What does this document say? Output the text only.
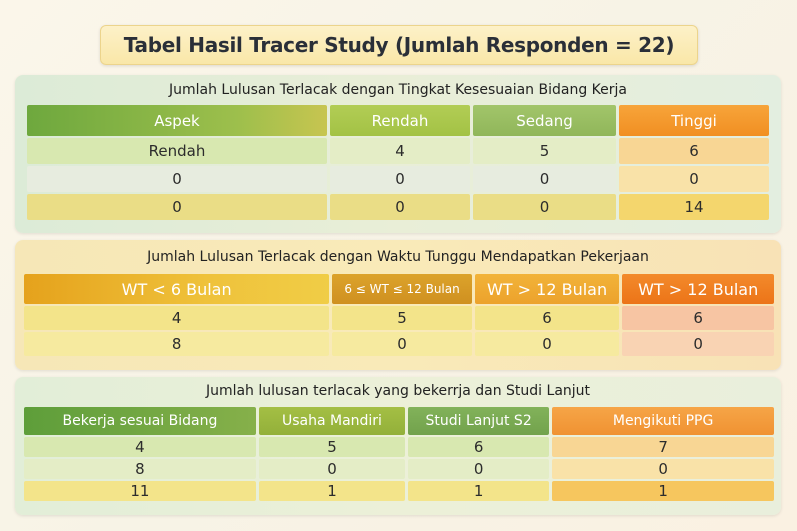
Tabel Hasil Tracer Study (Jumlah Responden = 22)
Jumlah Lulusan Terlacak dengan Tingkat Kesesuaian Bidang Kerja
Aspek	Rendah	Sedang	Tinggi
Rendah	4	5	6
0	0	0	0
0	0	0	14
Jumlah Lulusan Terlacak dengan Waktu Tunggu Mendapatkan Pekerjaan
WT < 6 Bulan	6 ≤ WT ≤ 12 Bulan	WT > 12 Bulan	WT > 12 Bulan
4	5	6	6
8	0	0	0
Jumlah lulusan terlacak yang bekerrja dan Studi Lanjut
Bekerja sesuai Bidang	Usaha Mandiri	Studi Lanjut S2	Mengikuti PPG
4	5	6	7
8	0	0	0
11	1	1	1
